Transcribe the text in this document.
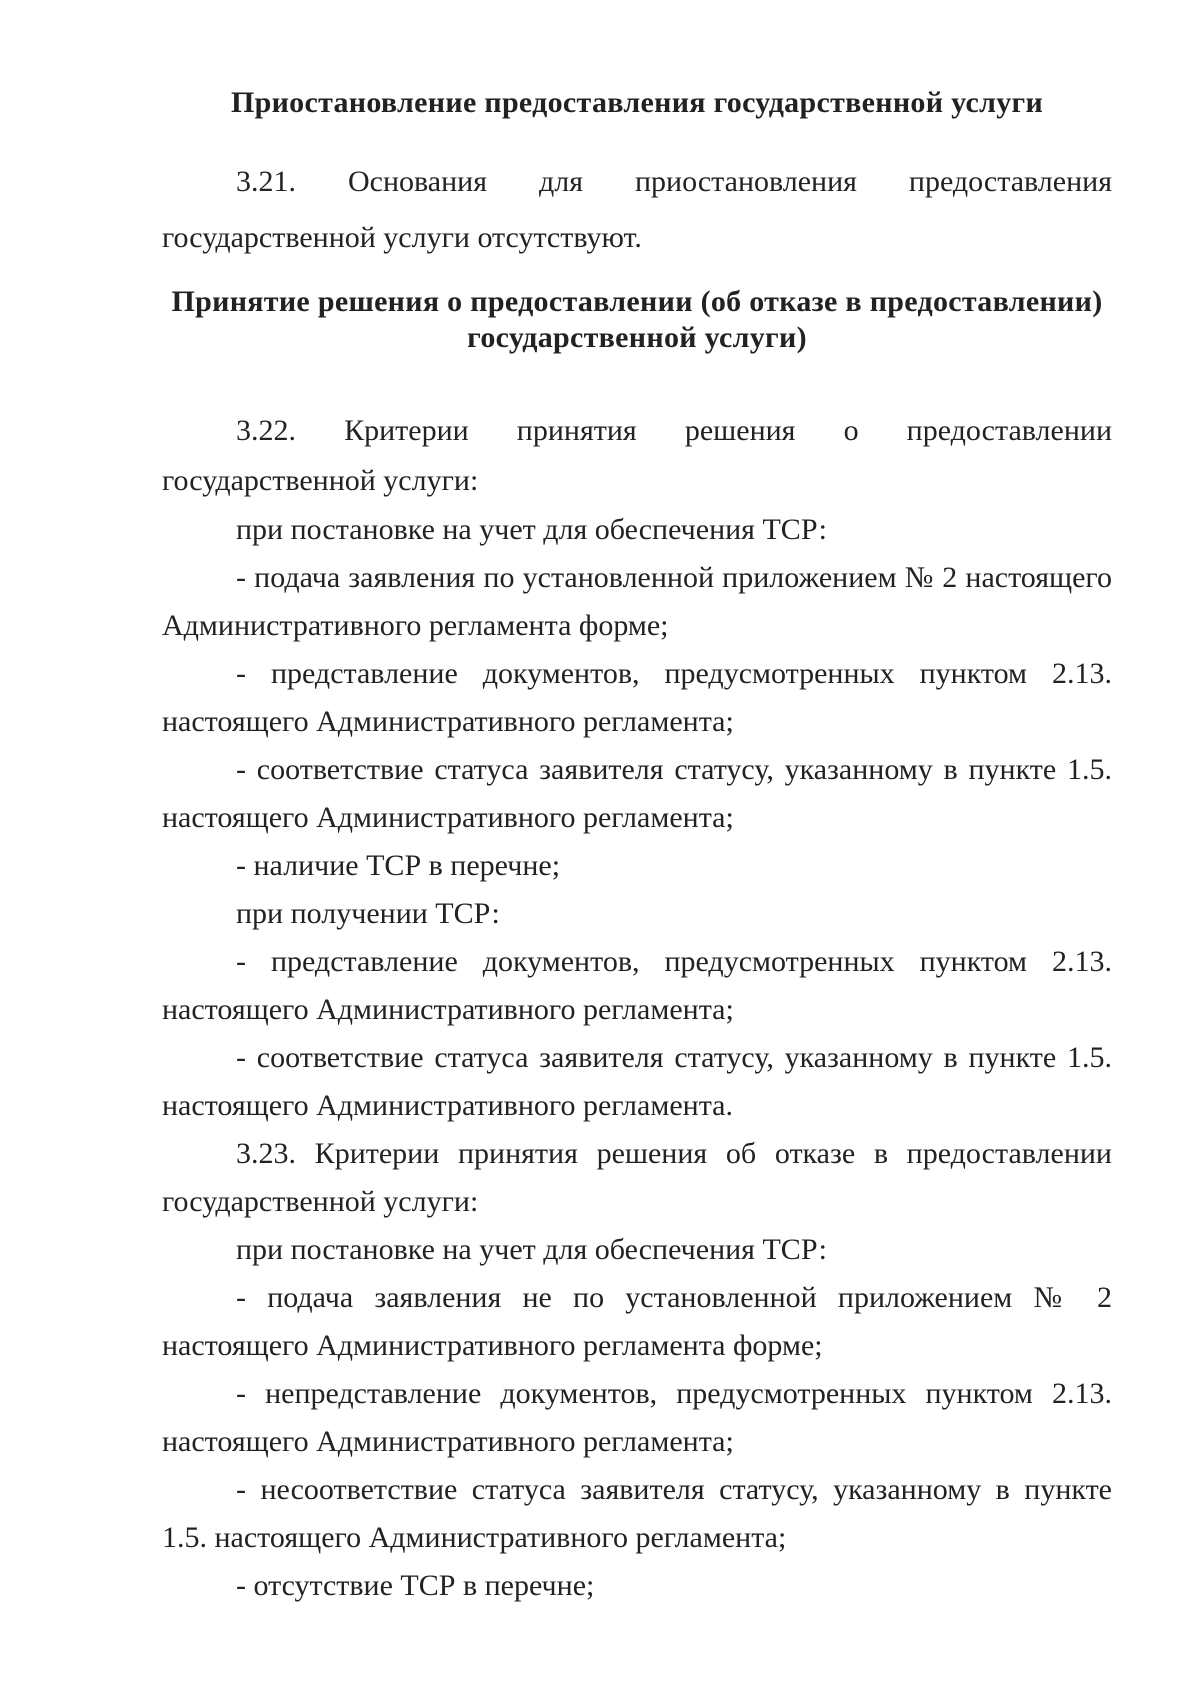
Приостановление предоставления государственной услуги

3.21. Основания для приостановления предоставления государственной услуги отсутствуют.

Принятие решения о предоставлении (об отказе в предоставлении)
государственной услуги)

3.22. Критерии принятия решения о предоставлении государственной услуги:

при постановке на учет для обеспечения ТСР:

- подача заявления по установленной приложением № 2 настоящего Административного регламента форме;

- представление документов, предусмотренных пунктом 2.13. настоящего Административного регламента;

- соответствие статуса заявителя статусу, указанному в пункте 1.5. настоящего Административного регламента;

- наличие ТСР в перечне;

при получении ТСР:

- представление документов, предусмотренных пунктом 2.13. настоящего Административного регламента;

- соответствие статуса заявителя статусу, указанному в пункте 1.5. настоящего Административного регламента.

3.23. Критерии принятия решения об отказе в предоставлении государственной услуги:

при постановке на учет для обеспечения ТСР:

- подача заявления не по установленной приложением № 2 настоящего Административного регламента форме;

- непредставление документов, предусмотренных пунктом 2.13. настоящего Административного регламента;

- несоответствие статуса заявителя статусу, указанному в пункте 1.5. настоящего Административного регламента;

- отсутствие ТСР в перечне;
